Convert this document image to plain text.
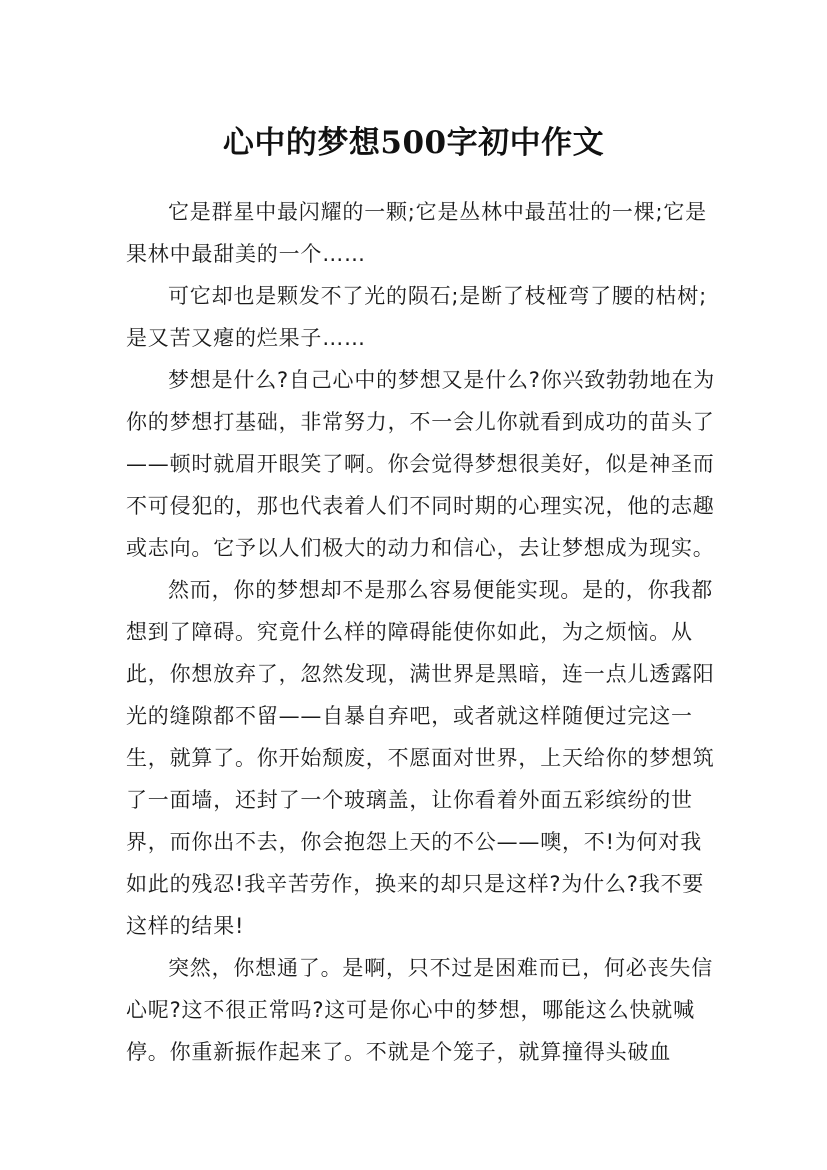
心中的梦想500字初中作文

它是群星中最闪耀的一颗;它是丛林中最茁壮的一棵;它是果林中最甜美的一个……

可它却也是颗发不了光的陨石;是断了枝桠弯了腰的枯树;是又苦又瘪的烂果子……

梦想是什么?自己心中的梦想又是什么?你兴致勃勃地在为你的梦想打基础，非常努力，不一会儿你就看到成功的苗头了——顿时就眉开眼笑了啊。你会觉得梦想很美好，似是神圣而不可侵犯的，那也代表着人们不同时期的心理实况，他的志趣或志向。它予以人们极大的动力和信心，去让梦想成为现实。

然而，你的梦想却不是那么容易便能实现。是的，你我都想到了障碍。究竟什么样的障碍能使你如此，为之烦恼。从此，你想放弃了，忽然发现，满世界是黑暗，连一点儿透露阳光的缝隙都不留——自暴自弃吧，或者就这样随便过完这一生，就算了。你开始颓废，不愿面对世界，上天给你的梦想筑了一面墙，还封了一个玻璃盖，让你看着外面五彩缤纷的世界，而你出不去，你会抱怨上天的不公——噢，不!为何对我如此的残忍!我辛苦劳作，换来的却只是这样?为什么?我不要这样的结果!

突然，你想通了。是啊，只不过是困难而已，何必丧失信心呢?这不很正常吗?这可是你心中的梦想，哪能这么快就喊停。你重新振作起来了。不就是个笼子，就算撞得头破血
